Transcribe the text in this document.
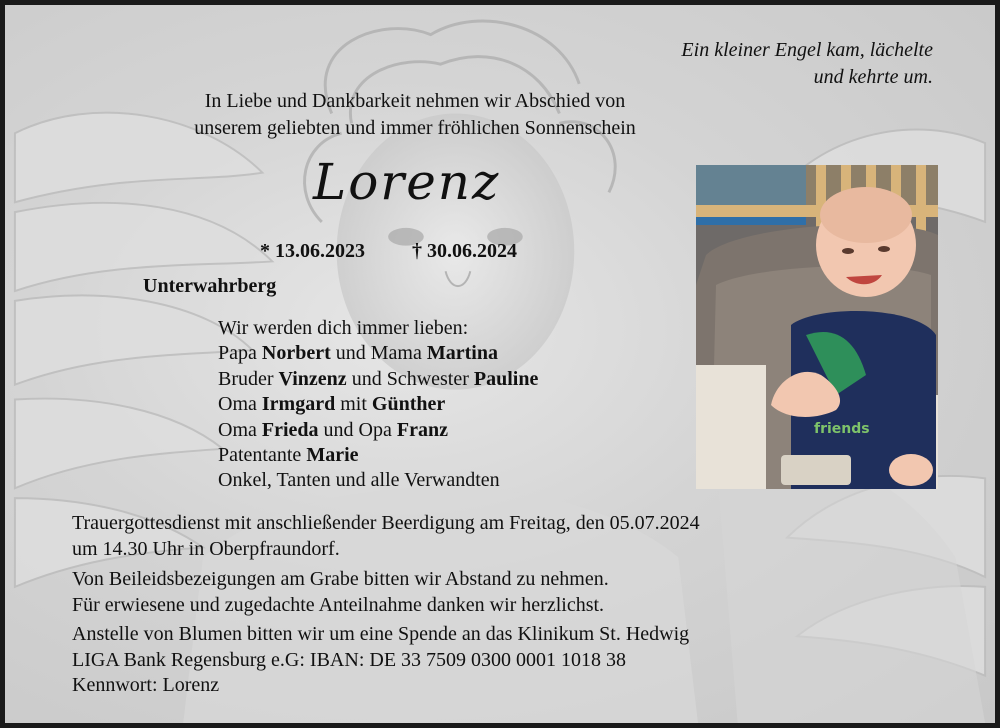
Ein kleiner Engel kam, lächelte
und kehrte um.
In Liebe und Dankbarkeit nehmen wir Abschied von
unserem geliebten und immer fröhlichen Sonnenschein
Lorenz
* 13.06.2023 † 30.06.2024
Unterwahrberg
Wir werden dich immer lieben:
Papa Norbert und Mama Martina
Bruder Vinzenz und Schwester Pauline
Oma Irmgard mit Günther
Oma Frieda und Opa Franz
Patentante Marie
Onkel, Tanten und alle Verwandten
Trauergottesdienst mit anschließender Beerdigung am Freitag, den 05.07.2024
um 14.30 Uhr in Oberpfraundorf.
Von Beileidsbezeigungen am Grabe bitten wir Abstand zu nehmen.
Für erwiesene und zugedachte Anteilnahme danken wir herzlichst.
Anstelle von Blumen bitten wir um eine Spende an das Klinikum St. Hedwig
LIGA Bank Regensburg e.G: IBAN: DE 33 7509 0300 0001 1018 38
Kennwort: Lorenz
friends
